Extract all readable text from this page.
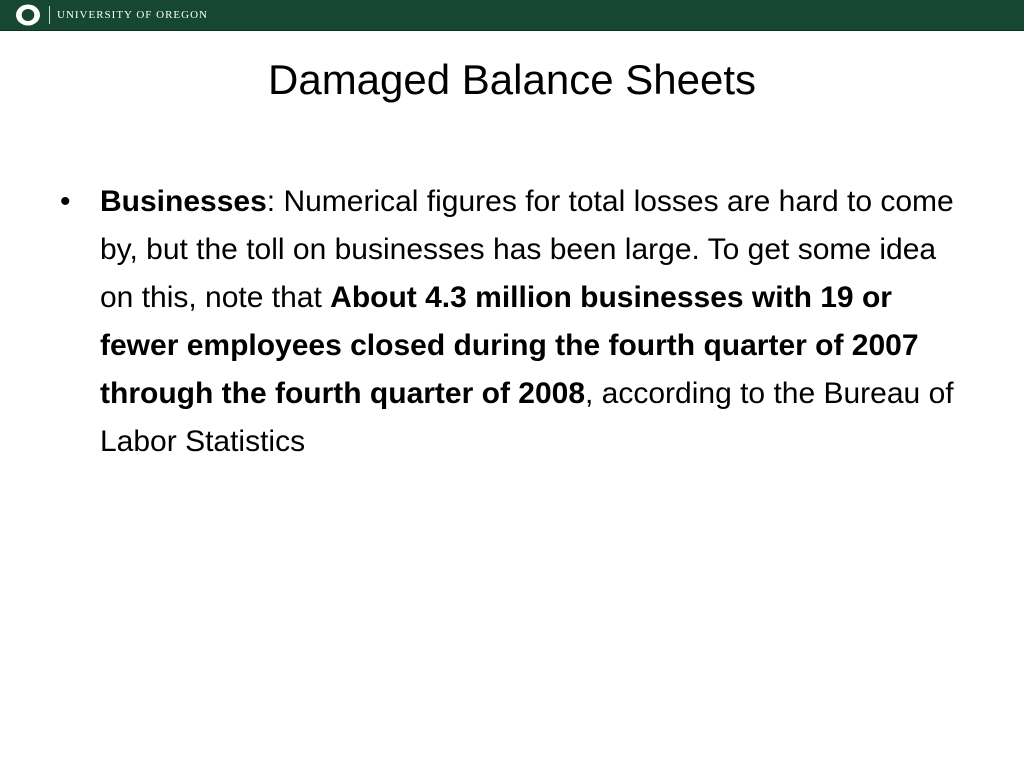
UNIVERSITY OF OREGON
Damaged Balance Sheets
• Businesses: Numerical figures for total losses are hard to come by, but the toll on businesses has been large. To get some idea on this, note that About 4.3 million businesses with 19 or fewer employees closed during the fourth quarter of 2007 through the fourth quarter of 2008, according to the Bureau of Labor Statistics
